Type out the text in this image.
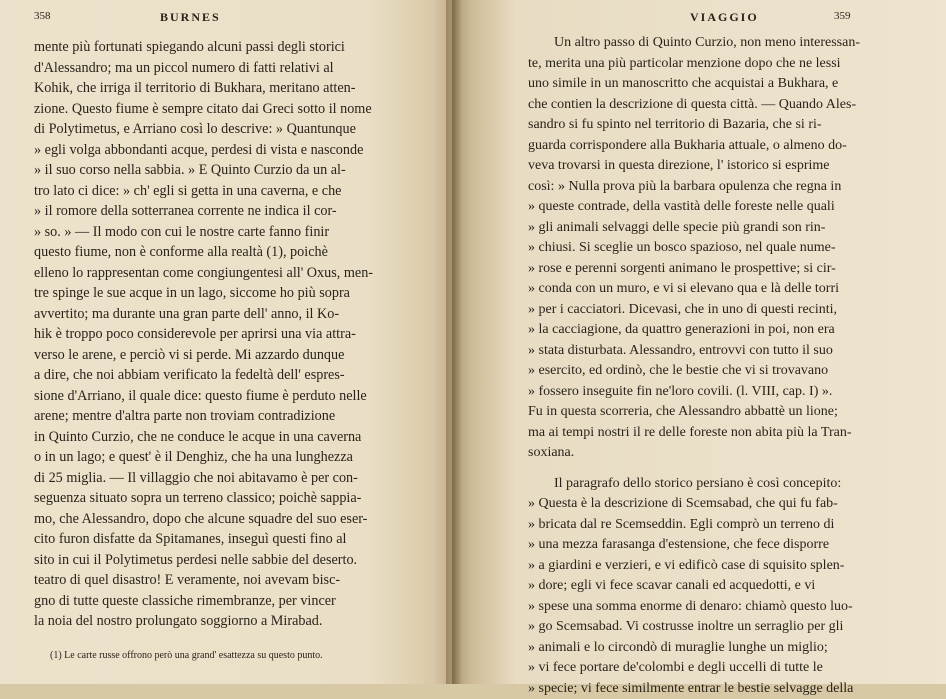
358	BURNES
mente più fortunati spiegando alcuni passi degli storici
d'Alessandro; ma un piccol numero di fatti relativi al
Kohik, che irriga il territorio di Bukhara, meritano atten-
zione. Questo fiume è sempre citato dai Greci sotto il nome
di Polytimetus, e Arriano così lo descrive: » Quantunque
» egli volga abbondanti acque, perdesi di vista e nasconde
» il suo corso nella sabbia. » E Quinto Curzio da un al-
tro lato ci dice: » ch' egli si getta in una caverna, e che
» il romore della sotterranea corrente ne indica il cor-
» so. » — Il modo con cui le nostre carte fanno finir
questo fiume, non è conforme alla realtà (1), poichè
elleno lo rappresentan come congiungentesi all' Oxus, men-
tre spinge le sue acque in un lago, siccome ho più sopra
avvertito; ma durante una gran parte dell' anno, il Ko-
hik è troppo poco considerevole per aprirsi una via attra-
verso le arene, e perciò vi si perde. Mi azzardo dunque
a dire, che noi abbiam verificato la fedeltà dell' espres-
sione d'Arriano, il quale dice: questo fiume è perduto nelle
arene; mentre d'altra parte non troviam contradizione
in Quinto Curzio, che ne conduce le acque in una caverna
o in un lago; e quest' è il Denghiz, che ha una lunghezza
di 25 miglia. — Il villaggio che noi abitavamo è per con-
seguenza situato sopra un terreno classico; poichè sappia-
mo, che Alessandro, dopo che alcune squadre del suo eser-
cito furon disfatte da Spitamanes, inseguì questi fino al
sito in cui il Polytimetus perdesi nelle sabbie del deserto.
teatro di quel disastro! E veramente, noi avevam bisc-
gno di tutte queste classiche rimembranze, per vincer
la noia del nostro prolungato soggiorno a Mirabad.
(1) Le carte russe offrono però una grand' esattezza su questo punto.
VIAGGIO	359
Un altro passo di Quinto Curzio, non meno interessan-
te, merita una più particolar menzione dopo che ne lessi
uno simile in un manoscritto che acquistai a Bukhara, e
che contien la descrizione di questa città. — Quando Ales-
sandro si fu spinto nel territorio di Bazaria, che si ri-
guarda corrispondere alla Bukharia attuale, o almeno do-
veva trovarsi in questa direzione, l' istorico si esprime
così: » Nulla prova più la barbara opulenza che regna in
» queste contrade, della vastità delle foreste nelle quali
» gli animali selvaggi delle specie più grandi son rin-
» chiusi. Si sceglie un bosco spazioso, nel quale nume-
» rose e perenni sorgenti animano le prospettive; si cir-
» conda con un muro, e vi si elevano qua e là delle torri
» per i cacciatori. Dicevasi, che in uno di questi recinti,
» la cacciagione, da quattro generazioni in poi, non era
» stata disturbata. Alessandro, entrovvi con tutto il suo
» esercito, ed ordinò, che le bestie che vi si trovavano
» fossero inseguite fin ne'loro covili. (l. VIII, cap. I) ».
Fu in questa scorreria, che Alessandro abbattè un lione;
ma ai tempi nostri il re delle foreste non abita più la Tran-
soxiana.
Il paragrafo dello storico persiano è così concepito:
» Questa è la descrizione di Scemsabad, che qui fu fab-
» bricata dal re Scemseddin. Egli comprò un terreno di
» una mezza farasanga d'estensione, che fece disporre
» a giardini e verzieri, e vi edificò case di squisito splen-
» dore; egli vi fece scavar canali ed acquedotti, e vi
» spese una somma enorme di denaro: chiamò questo luo-
» go Scemsabad. Vi costrusse inoltre un serraglio per gli
» animali e lo circondò di muraglie lunghe un miglio;
» vi fece portare de'colombi e degli uccelli di tutte le
» specie; vi fece similmente entrar le bestie selvagge della
